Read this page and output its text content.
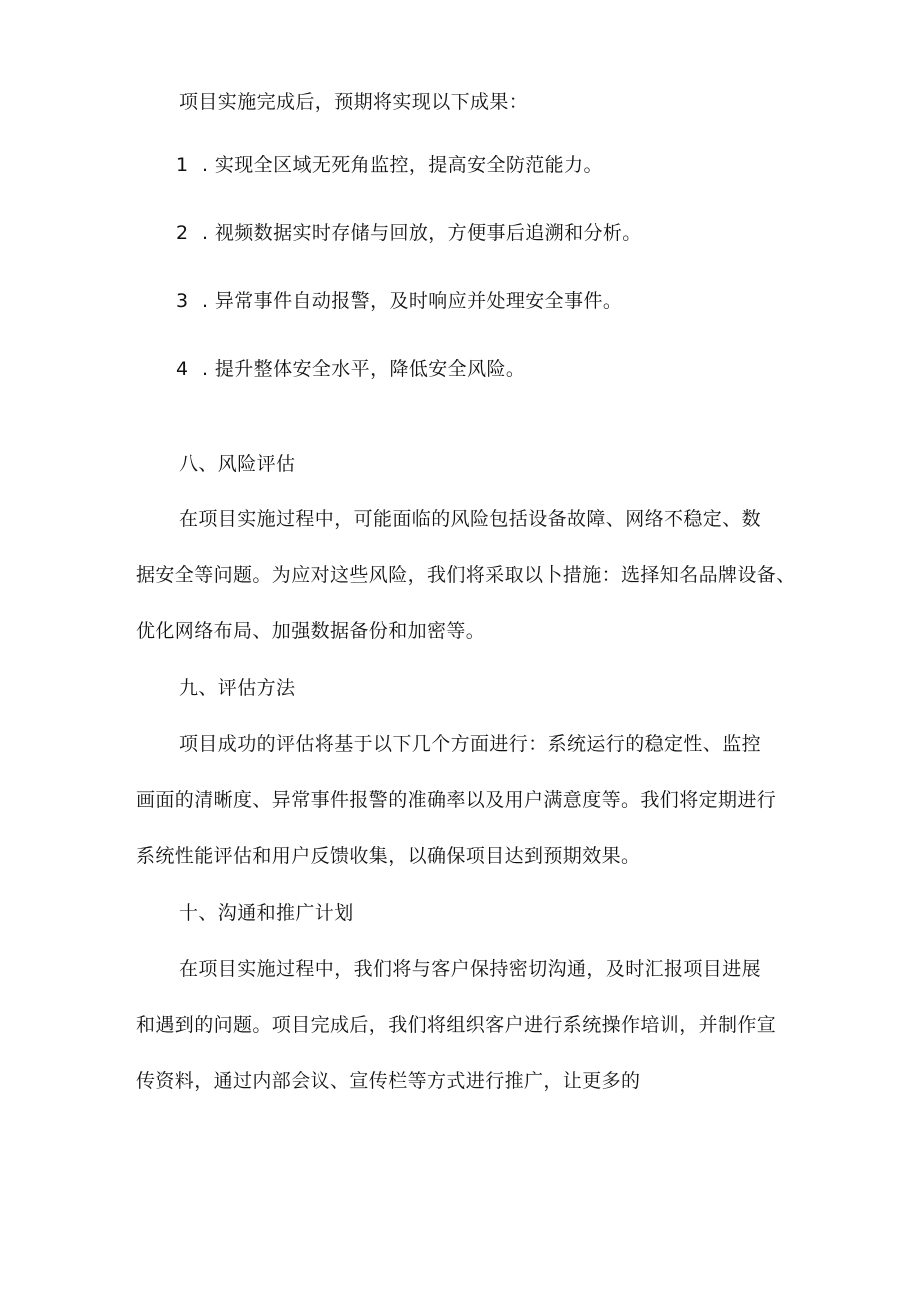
项目实施完成后，预期将实现以下成果：
1 . 实现全区域无死角监控，提高安全防范能力。
2 . 视频数据实时存储与回放，方便事后追溯和分析。
3 . 异常事件自动报警，及时响应并处理安全事件。
4 . 提升整体安全水平，降低安全风险。
八、风险评估
在项目实施过程中，可能面临的风险包括设备故障、网络不稳定、数
据安全等问题。为应对这些风险，我们将采取以卜措施：选择知名品牌设备、
优化网络布局、加强数据备份和加密等。
九、评估方法
项目成功的评估将基于以下几个方面进行：系统运行的稳定性、监控
画面的清晰度、异常事件报警的准确率以及用户满意度等。我们将定期进行
系统性能评估和用户反馈收集，以确保项目达到预期效果。
十、沟通和推广计划
在项目实施过程中，我们将与客户保持密切沟通，及时汇报项目进展
和遇到的问题。项目完成后，我们将组织客户进行系统操作培训，并制作宣
传资料，通过内部会议、宣传栏等方式进行推广，让更多的
